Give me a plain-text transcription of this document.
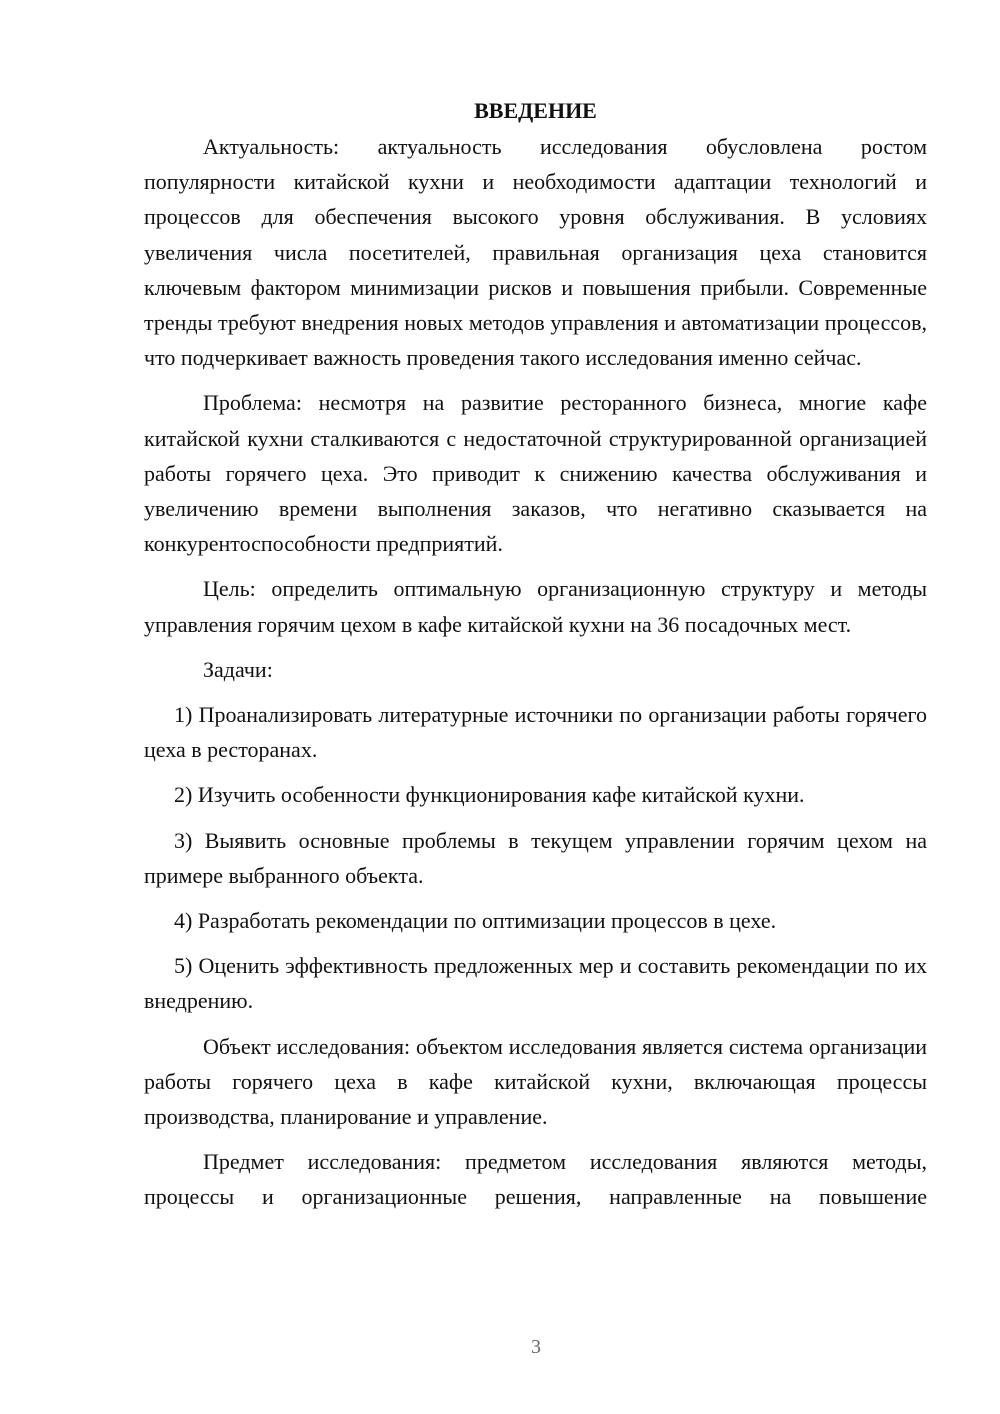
ВВЕДЕНИЕ

Актуальность: актуальность исследования обусловлена ростом популярности китайской кухни и необходимости адаптации технологий и процессов для обеспечения высокого уровня обслуживания. В условиях увеличения числа посетителей, правильная организация цеха становится ключевым фактором минимизации рисков и повышения прибыли. Современные тренды требуют внедрения новых методов управления и автоматизации процессов, что подчеркивает важность проведения такого исследования именно сейчас.

Проблема: несмотря на развитие ресторанного бизнеса, многие кафе китайской кухни сталкиваются с недостаточной структурированной организацией работы горячего цеха. Это приводит к снижению качества обслуживания и увеличению времени выполнения заказов, что негативно сказывается на конкурентоспособности предприятий.

Цель: определить оптимальную организационную структуру и методы управления горячим цехом в кафе китайской кухни на 36 посадочных мест.

Задачи:

1) Проанализировать литературные источники по организации работы горячего цеха в ресторанах.

2) Изучить особенности функционирования кафе китайской кухни.

3) Выявить основные проблемы в текущем управлении горячим цехом на примере выбранного объекта.

4) Разработать рекомендации по оптимизации процессов в цехе.

5) Оценить эффективность предложенных мер и составить рекомендации по их внедрению.

Объект исследования: объектом исследования является система организации работы горячего цеха в кафе китайской кухни, включающая процессы производства, планирование и управление.

Предмет исследования: предметом исследования являются методы, процессы и организационные решения, направленные на повышение

3
